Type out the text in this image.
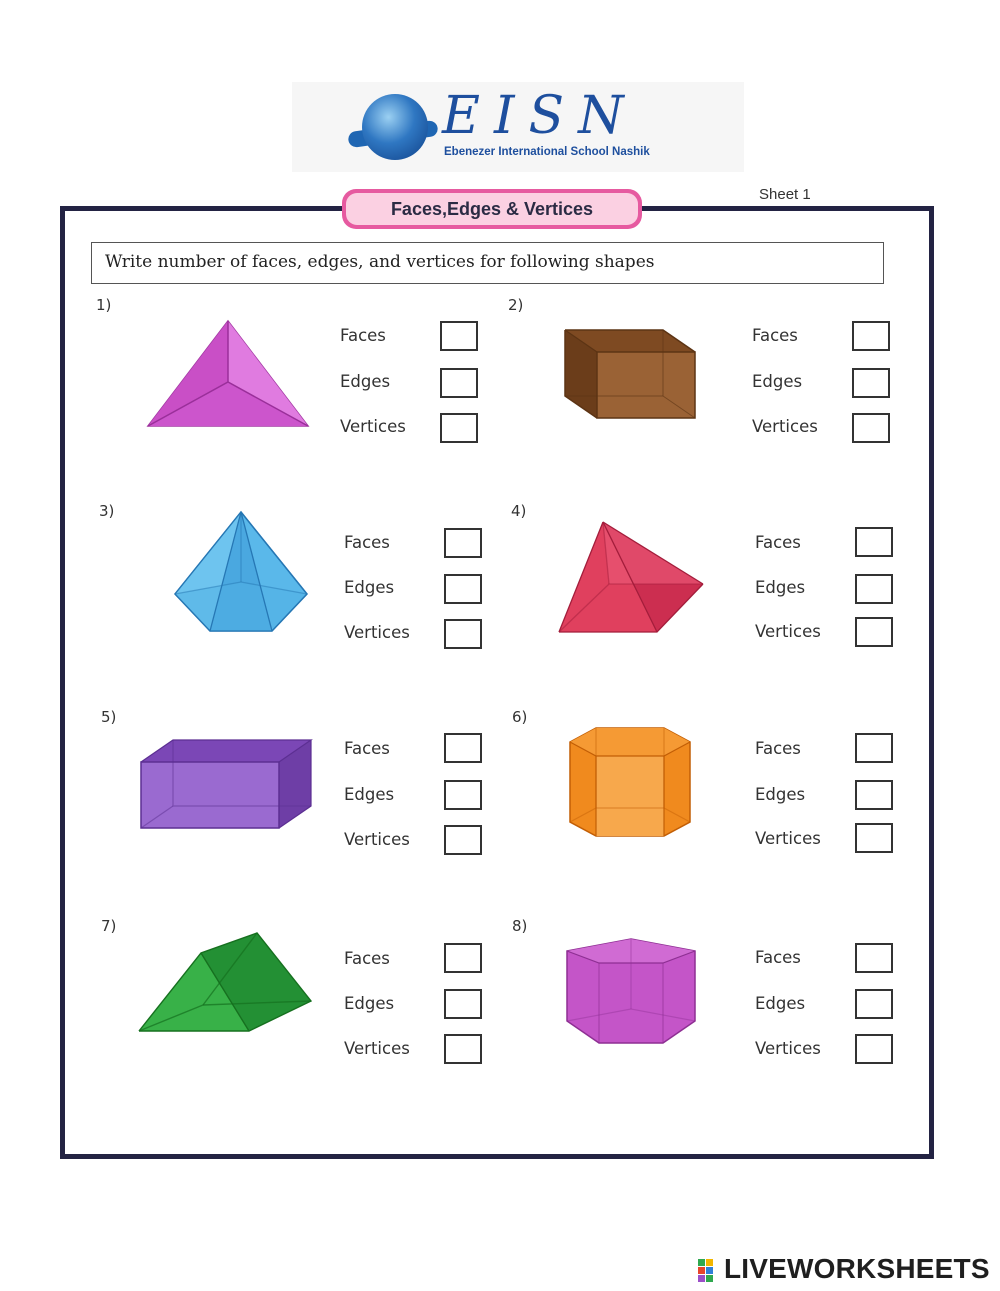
EISN
Ebenezer International School Nashik
Sheet 1
Faces,Edges & Vertices
Write number of faces, edges, and vertices for following shapes
1)
Faces
Edges
Vertices
2)
Faces
Edges
Vertices
3)
Faces
Edges
Vertices
4)
Faces
Edges
Vertices
5)
Faces
Edges
Vertices
6)
Faces
Edges
Vertices
7)
Faces
Edges
Vertices
8)
Faces
Edges
Vertices
LIVEWORKSHEETS
